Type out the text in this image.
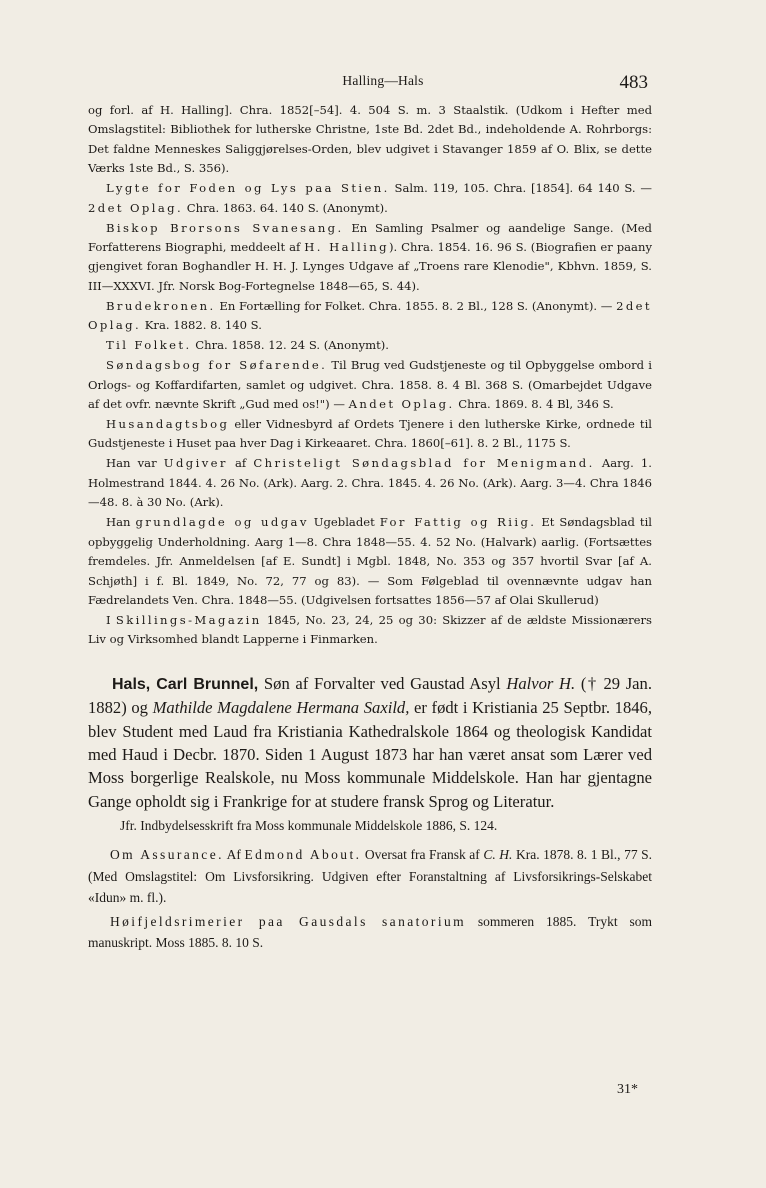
Halling—Hals	483

og forl. af H. Halling]. Chra. 1852[–54]. 4. 504 S. m. 3 Staalstik. (Udkom i Hefter med Omslagstitel: Bibliothek for lutherske Christne, 1ste Bd. 2det Bd., indeholdende A. Rohrborgs: Det faldne Menneskes Saliggjørelses-Orden, blev udgivet i Stavanger 1859 af O. Blix, se dette Værks 1ste Bd., S. 356).

Lygte for Foden og Lys paa Stien. Salm. 119, 105. Chra. [1854]. 64 140 S. — 2det Oplag. Chra. 1863. 64. 140 S. (Anonymt).

Biskop Brorsons Svanesang. En Samling Psalmer og aandelige Sange. (Med Forfatterens Biographi, meddeelt af H. Halling). Chra. 1854. 16. 96 S. (Biografien er paany gjengivet foran Boghandler H. H. J. Lynges Udgave af „Troens rare Klenodie", Kbhvn. 1859, S. III—XXXVI. Jfr. Norsk Bog-Fortegnelse 1848—65, S. 44).

Brudekronen. En Fortælling for Folket. Chra. 1855. 8. 2 Bl., 128 S. (Anonymt). — 2det Oplag. Kra. 1882. 8. 140 S.

Til Folket. Chra. 1858. 12. 24 S. (Anonymt).

Søndagsbog for Søfarende. Til Brug ved Gudstjeneste og til Opbyggelse ombord i Orlogs- og Koffardifarten, samlet og udgivet. Chra. 1858. 8. 4 Bl. 368 S. (Omarbejdet Udgave af det ovfr. nævnte Skrift „Gud med os!") — Andet Oplag. Chra. 1869. 8. 4 Bl, 346 S.

Husandagtsbog eller Vidnesbyrd af Ordets Tjenere i den lutherske Kirke, ordnede til Gudstjeneste i Huset paa hver Dag i Kirkeaaret. Chra. 1860[–61]. 8. 2 Bl., 1175 S.

Han var Udgiver af Christeligt Søndagsblad for Menigmand. Aarg. 1. Holmestrand 1844. 4. 26 No. (Ark). Aarg. 2. Chra. 1845. 4. 26 No. (Ark). Aarg. 3—4. Chra 1846—48. 8. à 30 No. (Ark).

Han grundlagde og udgav Ugebladet For Fattig og Riig. Et Søndagsblad til opbyggelig Underholdning. Aarg 1—8. Chra 1848—55. 4. 52 No. (Halvark) aarlig. (Fortsættes fremdeles. Jfr. Anmeldelsen [af E. Sundt] i Mgbl. 1848, No. 353 og 357 hvortil Svar [af A. Schjøth] i f. Bl. 1849, No. 72, 77 og 83). — Som Følgeblad til ovennævnte udgav han Fædrelandets Ven. Chra. 1848—55. (Udgivelsen fortsattes 1856—57 af Olai Skullerud)

I Skillings-Magazin 1845, No. 23, 24, 25 og 30: Skizzer af de ældste Missionærers Liv og Virksomhed blandt Lapperne i Finmarken.

Hals, Carl Brunnel, Søn af Forvalter ved Gaustad Asyl Halvor H. († 29 Jan. 1882) og Mathilde Magdalene Hermana Saxild, er født i Kristiania 25 Septbr. 1846, blev Student med Laud fra Kristiania Kathedralskole 1864 og theologisk Kandidat med Haud i Decbr. 1870. Siden 1 August 1873 har han været ansat som Lærer ved Moss borgerlige Realskole, nu Moss kommunale Middelskole. Han har gjentagne Gange opholdt sig i Frankrige for at studere fransk Sprog og Literatur.

Jfr. Indbydelsesskrift fra Moss kommunale Middelskole 1886, S. 124.

Om Assurance. Af Edmond About. Oversat fra Fransk af C. H. Kra. 1878. 8. 1 Bl., 77 S. (Med Omslagstitel: Om Livsforsikring. Udgiven efter Foranstaltning af Livsforsikrings-Selskabet «Idun» m. fl.).

Høifjeldsrimerier paa Gausdals sanatorium sommeren 1885. Trykt som manuskript. Moss 1885. 8. 10 S.

31*
